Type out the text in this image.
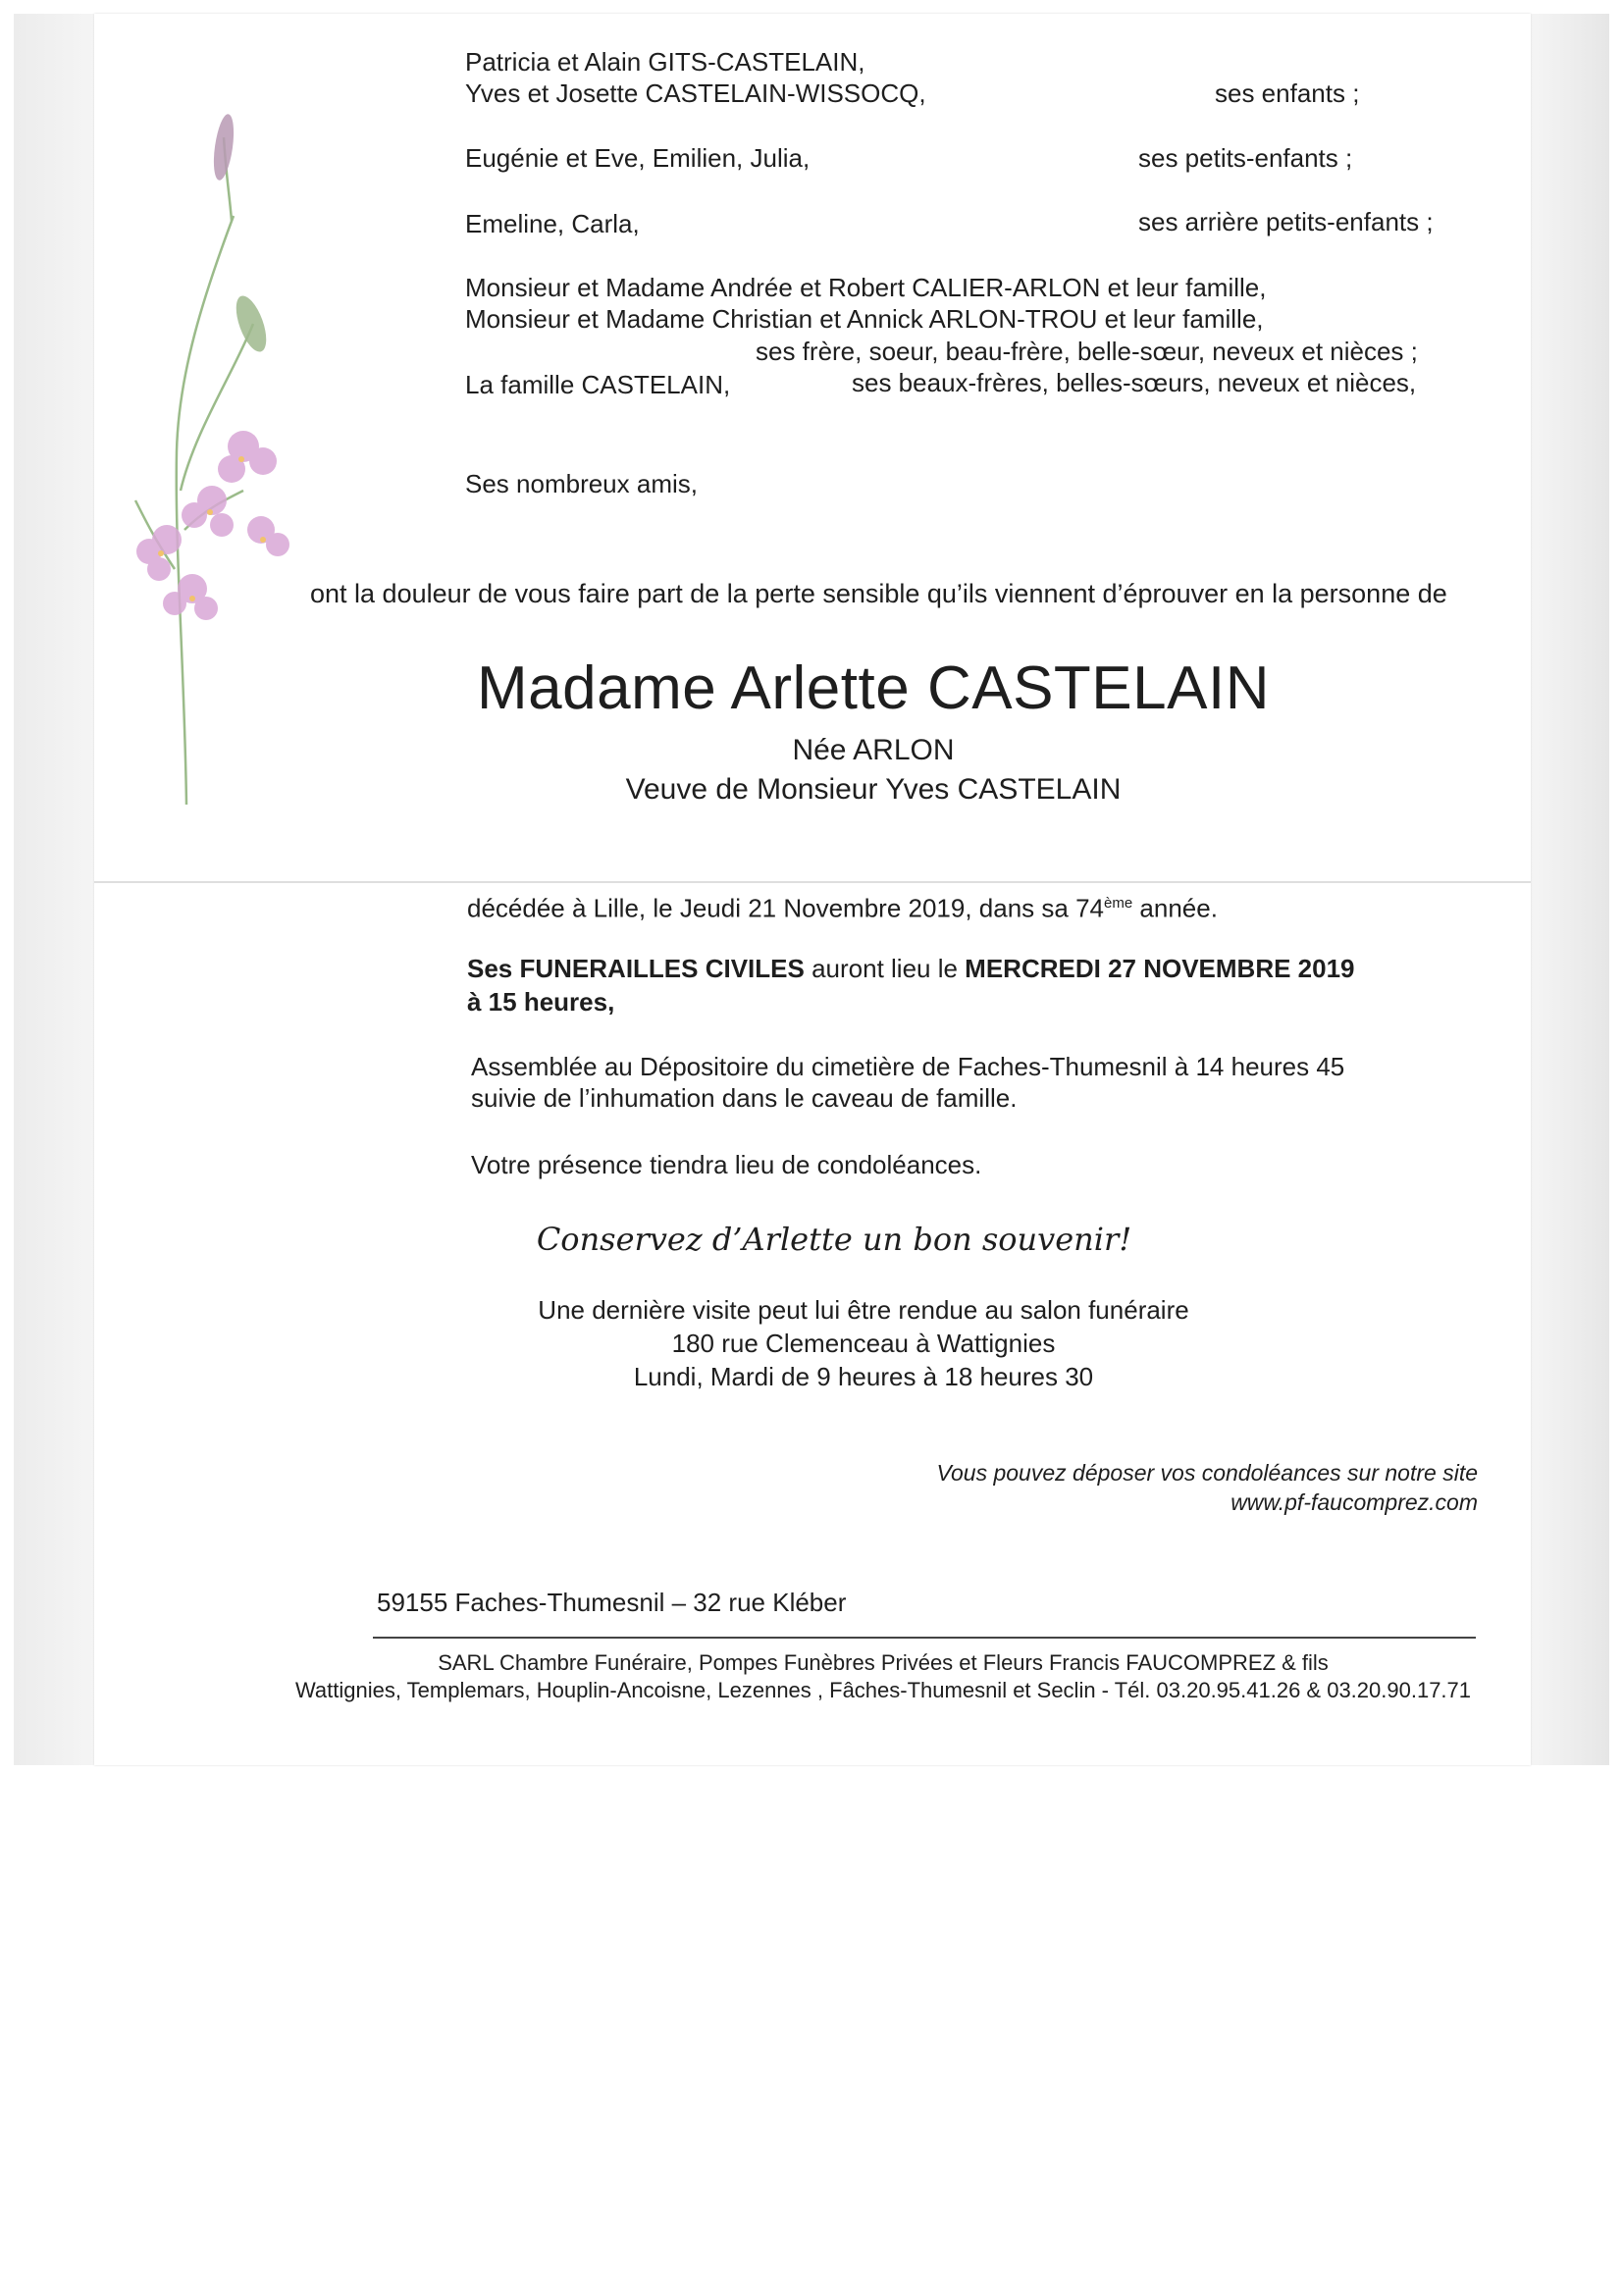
Patricia et Alain GITS-CASTELAIN,
Yves et Josette CASTELAIN-WISSOCQ,	ses enfants ;
Eugénie et Eve, Emilien, Julia,	ses petits-enfants ;
Emeline, Carla,	ses arrière petits-enfants ;
Monsieur et Madame Andrée et Robert CALIER-ARLON et leur famille,
Monsieur et Madame Christian et Annick ARLON-TROU et leur famille,
ses frère, soeur, beau-frère, belle-sœur, neveux et nièces ;
La famille CASTELAIN,	ses beaux-frères, belles-sœurs, neveux et nièces,
Ses nombreux amis,
ont la douleur de vous faire part de la perte sensible qu’ils viennent d’éprouver en la personne de
Madame Arlette CASTELAIN
Née ARLON
Veuve de Monsieur Yves CASTELAIN
décédée à Lille, le Jeudi 21 Novembre 2019, dans sa 74ème année.
Ses FUNERAILLES CIVILES auront lieu le MERCREDI 27 NOVEMBRE 2019
à 15 heures,
Assemblée au Dépositoire du cimetière de Faches-Thumesnil à 14 heures 45
suivie de l’inhumation dans le caveau de famille.
Votre présence tiendra lieu de condoléances.
Conservez d’Arlette un bon souvenir!
Une dernière visite peut lui être rendue au salon funéraire
180 rue Clemenceau à Wattignies
Lundi, Mardi de 9 heures à 18 heures 30
Vous pouvez déposer vos condoléances sur notre site
www.pf-faucomprez.com
59155 Faches-Thumesnil – 32 rue Kléber
SARL Chambre Funéraire, Pompes Funèbres Privées et Fleurs Francis FAUCOMPREZ & fils
Wattignies, Templemars, Houplin-Ancoisne, Lezennes , Fâches-Thumesnil et Seclin - Tél. 03.20.95.41.26 & 03.20.90.17.71
